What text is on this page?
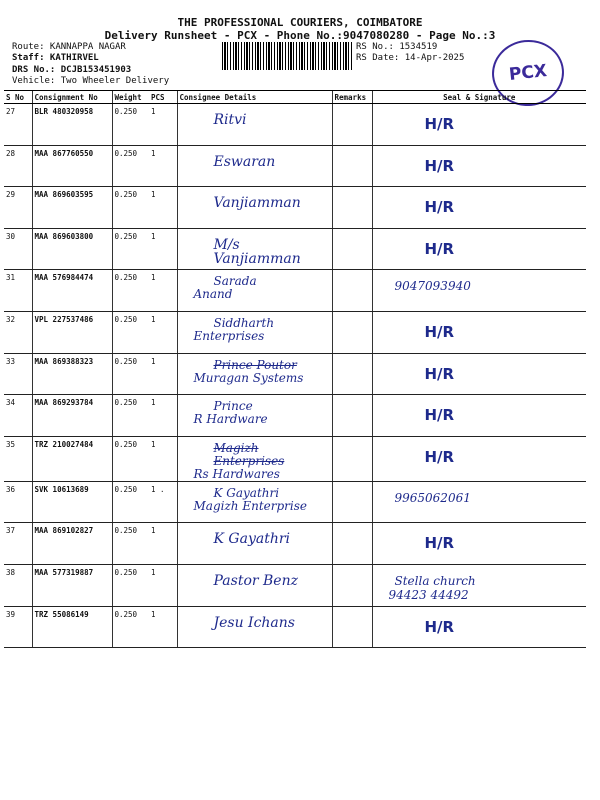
THE PROFESSIONAL COURIERS, COIMBATORE
Delivery Runsheet - PCX - Phone No.:9047080280 - Page No.:3
Route: KANNAPPA NAGAR
Staff: KATHIRVEL
DRS No.: DCJB153451903
Vehicle: Two Wheeler Delivery
RS No.: 1534519
RS Date: 14-Apr-2025
PCX
S No	Consignment No	Weight	PCS	Consignee Details	Remarks	Seal & Signature
27	BLR 480320958	0.250	1	Ritvi		H/R

28	MAA 867760550	0.250	1	Eswaran		H/R

29	MAA 869603595	0.250	1	Vanjiamman		H/R

30	MAA 869603800	0.250	1	M/s Vanjiamman		H/R

31	MAA 576984474	0.250	1	Sarada
Anand		9047093940

32	VPL 227537486	0.250	1	Siddharth
Enterprises		H/R

33	MAA 869388323	0.250	1	Prince Poutor
Muragan Systems		H/R

34	MAA 869293784	0.250	1	Prince
R Hardware		H/R

35	TRZ 210027484	0.250	1	Magizh Enterprises
Rs Hardwares		H/R

36	SVK 10613689	0.250	1 .	K Gayathri
Magizh Enterprise		9965062061

37	MAA 869102827	0.250	1	K Gayathri		H/R

38	MAA 577319887	0.250	1	Pastor Benz		Stella church
94423 44492

39	TRZ 55086149	0.250	1	Jesu Ichans		H/R
